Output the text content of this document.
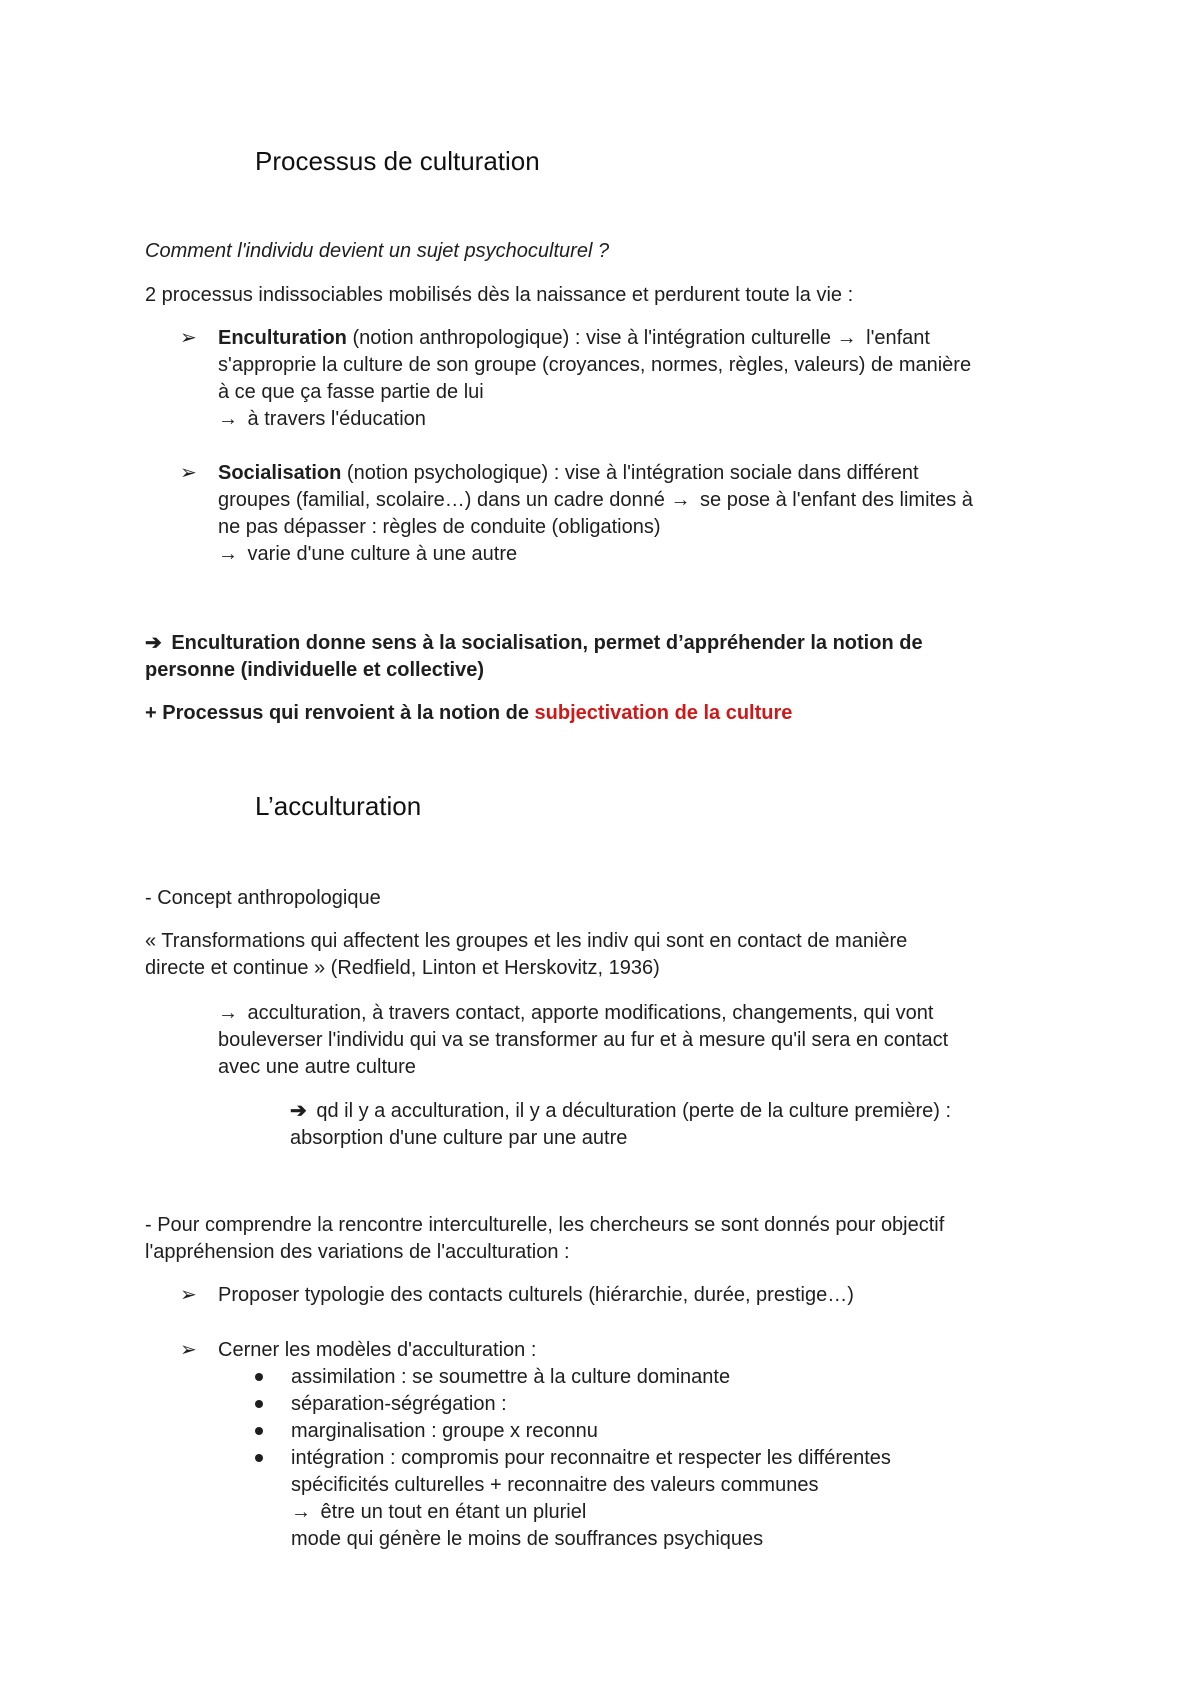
Processus de culturation
Comment l'individu devient un sujet psychoculturel ?
2 processus indissociables mobilisés dès la naissance et perdurent toute la vie :
➢ Enculturation (notion anthropologique) : vise à l'intégration culturelle → l'enfant
s'approprie la culture de son groupe (croyances, normes, règles, valeurs) de manière
à ce que ça fasse partie de lui
→ à travers l'éducation
➢ Socialisation (notion psychologique) : vise à l'intégration sociale dans différent
groupes (familial, scolaire…) dans un cadre donné → se pose à l'enfant des limites à
ne pas dépasser : règles de conduite (obligations)
→ varie d'une culture à une autre
➔ Enculturation donne sens à la socialisation, permet d’appréhender la notion de
personne (individuelle et collective)
+ Processus qui renvoient à la notion de subjectivation de la culture
L’acculturation
- Concept anthropologique
« Transformations qui affectent les groupes et les indiv qui sont en contact de manière
directe et continue » (Redfield, Linton et Herskovitz, 1936)
→ acculturation, à travers contact, apporte modifications, changements, qui vont
bouleverser l'individu qui va se transformer au fur et à mesure qu'il sera en contact
avec une autre culture
➔ qd il y a acculturation, il y a déculturation (perte de la culture première) :
absorption d'une culture par une autre
- Pour comprendre la rencontre interculturelle, les chercheurs se sont donnés pour objectif
l'appréhension des variations de l'acculturation :
➢ Proposer typologie des contacts culturels (hiérarchie, durée, prestige…)
➢ Cerner les modèles d'acculturation :
assimilation : se soumettre à la culture dominante
séparation-ségrégation :
marginalisation : groupe x reconnu
intégration : compromis pour reconnaitre et respecter les différentes
spécificités culturelles + reconnaitre des valeurs communes
→ être un tout en étant un pluriel
mode qui génère le moins de souffrances psychiques
